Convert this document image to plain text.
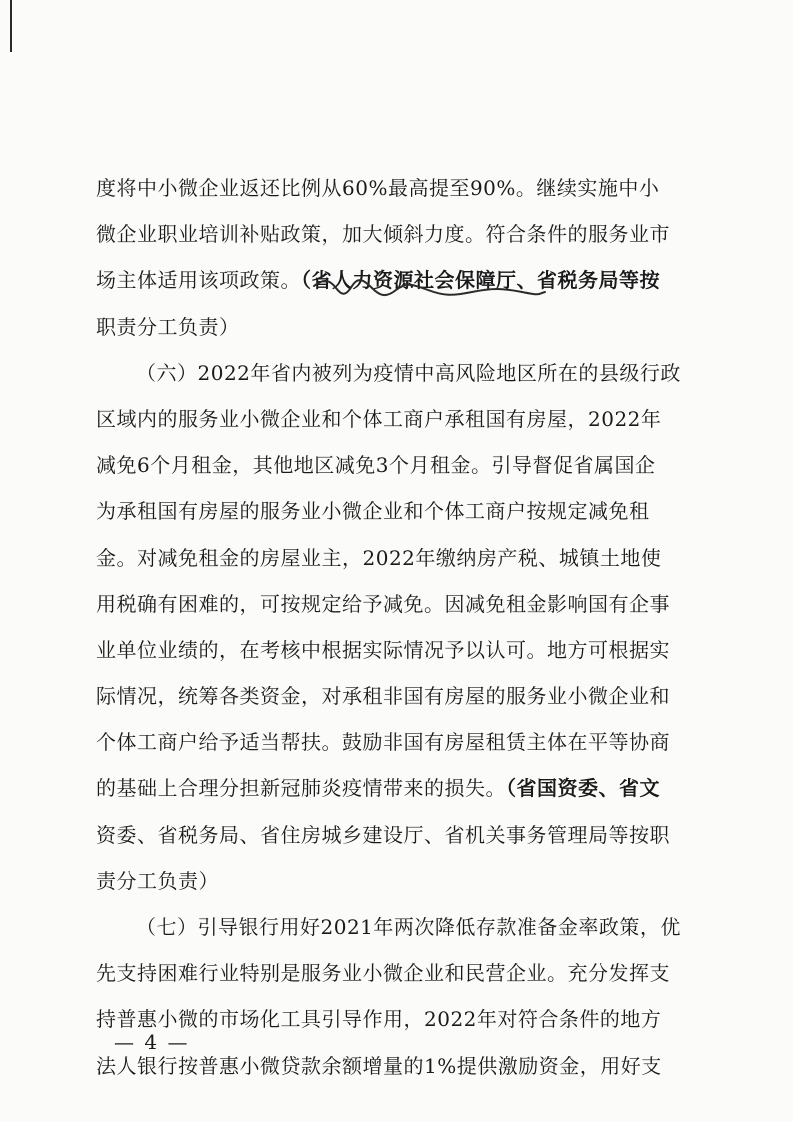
度将中小微企业返还比例从60%最高提至90%。继续实施中小
微企业职业培训补贴政策，加大倾斜力度。符合条件的服务业市
场主体适用该项政策。（省人力资源社会保障厅、省税务局等按
职责分工负责）
（六）2022年省内被列为疫情中高风险地区所在的县级行政
区域内的服务业小微企业和个体工商户承租国有房屋，2022年
减免6个月租金，其他地区减免3个月租金。引导督促省属国企
为承租国有房屋的服务业小微企业和个体工商户按规定减免租
金。对减免租金的房屋业主，2022年缴纳房产税、城镇土地使
用税确有困难的，可按规定给予减免。因减免租金影响国有企事
业单位业绩的，在考核中根据实际情况予以认可。地方可根据实
际情况，统筹各类资金，对承租非国有房屋的服务业小微企业和
个体工商户给予适当帮扶。鼓励非国有房屋租赁主体在平等协商
的基础上合理分担新冠肺炎疫情带来的损失。（省国资委、省文
资委、省税务局、省住房城乡建设厅、省机关事务管理局等按职
责分工负责）
（七）引导银行用好2021年两次降低存款准备金率政策，优
先支持困难行业特别是服务业小微企业和民营企业。充分发挥支
持普惠小微的市场化工具引导作用，2022年对符合条件的地方
法人银行按普惠小微贷款余额增量的1%提供激励资金，用好支
— 4 —
